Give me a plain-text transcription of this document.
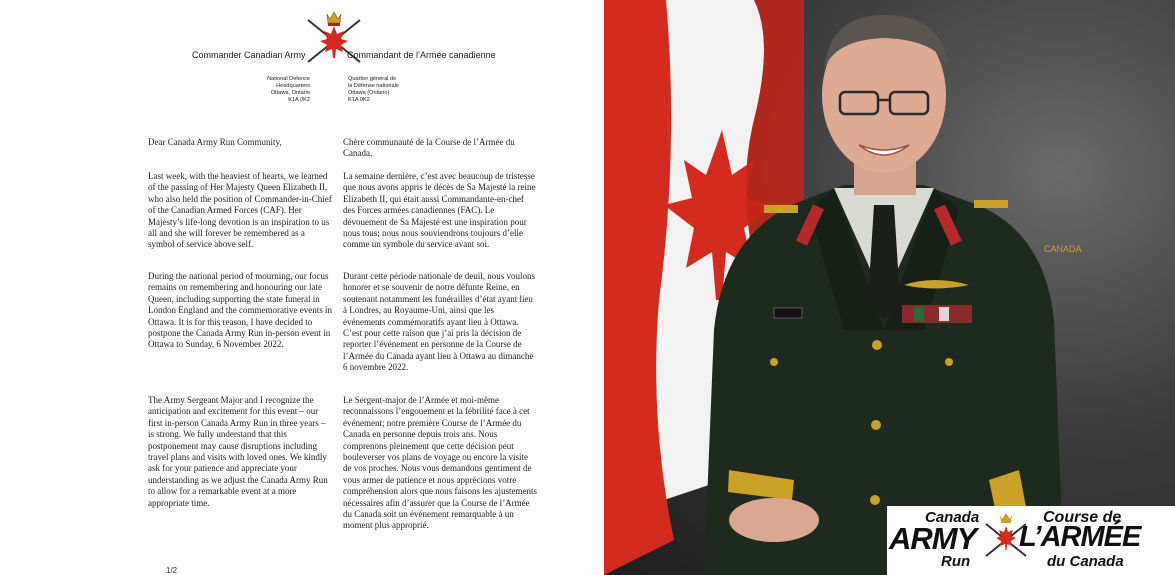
Commander Canadian Army	Commandant de l’Armée canadienne
National Defence
Headquarters
Ottawa, Ontario
K1A 0K2
Quartier général de
la Défense nationale
Ottawa (Ontario)
K1A 0K2

Dear Canada Army Run Community,

Last week, with the heaviest of hearts, we learned of the passing of Her Majesty Queen Elizabeth II, who also held the position of Commander-in-Chief of the Canadian Armed Forces (CAF). Her Majesty’s life-long devotion is an inspiration to us all and she will forever be remembered as a symbol of service above self.

During the national period of mourning, our focus remains on remembering and honouring our late Queen, including supporting the state funeral in London England and the commemorative events in Ottawa. It is for this reason, I have decided to postpone the Canada Army Run in-person event in Ottawa to Sunday, 6 November 2022.

The Army Sergeant Major and I recognize the anticipation and excitement for this event – our first in-person Canada Army Run in three years – is strong. We fully understand that this postponement may cause disruptions including travel plans and visits with loved ones. We kindly ask for your patience and appreciate your understanding as we adjust the Canada Army Run to allow for a remarkable event at a more appropriate time.

Chère communauté de la Course de l’Armée du Canada,

La semaine dernière, c’est avec beaucoup de tristesse que nous avons appris le décès de Sa Majesté la reine Elizabeth II, qui était aussi Commandante-en-chef des Forces armées canadiennes (FAC). Le dévouement de Sa Majesté est une inspiration pour nous tous; nous nous souviendrons toujours d’elle comme un symbole du service avant soi.

Durant cette période nationale de deuil, nous voulons honorer et se souvenir de notre défunte Reine, en soutenant notamment les funérailles d’état ayant lieu à Londres, au Royaume-Uni, ainsi que les événements commémoratifs ayant lieu à Ottawa. C’est pour cette raison que j’ai pris la décision de reporter l’événement en personne de la Course de l’Armée du Canada ayant lieu à Ottawa au dimanche 6 novembre 2022.

Le Sergent-major de l’Armée et moi-même reconnaissons l’engouement et la fébrilité face à cet événement; notre première Course de l’Armée du Canada en personne depuis trois ans. Nous comprenons pleinement que cette décision peut bouleverser vos plans de voyage ou encore la visite de vos proches. Nous vous demandons gentiment de vous armer de patience et nous apprécions votre compréhension alors que nous faisons les ajustements nécessaires afin d’assurer que la Course de l’Armée du Canada soit un événement remarquable à un moment plus approprié.

1/2
CANADA
Canada
ARMY
Run
Course de
L’ARMÉE
du Canada
